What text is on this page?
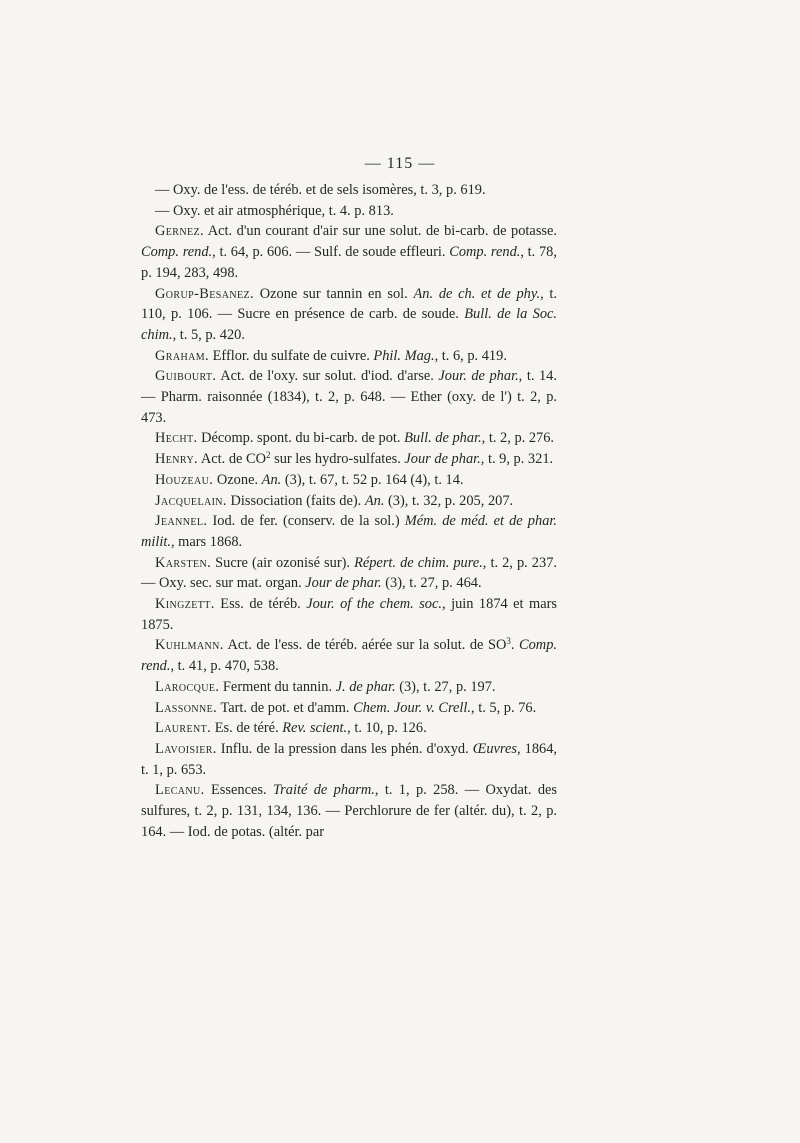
— 115 —
— Oxy. de l'ess. de téréb. et de sels isomères, t. 3, p. 619.
— Oxy. et air atmosphérique, t. 4. p. 813.
Gernez. Act. d'un courant d'air sur une solut. de bi-carb. de potasse. Comp. rend., t. 64, p. 606. — Sulf. de soude effleuri. Comp. rend., t. 78, p. 194, 283, 498.
Gorup-Besanez. Ozone sur tannin en sol. An. de ch. et de phy., t. 110, p. 106. — Sucre en présence de carb. de soude. Bull. de la Soc. chim., t. 5, p. 420.
Graham. Efflor. du sulfate de cuivre. Phil. Mag., t. 6, p. 419.
Guibourt. Act. de l'oxy. sur solut. d'iod. d'arse. Jour. de phar., t. 14. — Pharm. raisonnée (1834), t. 2, p. 648. — Ether (oxy. de l') t. 2, p. 473.
Hecht. Décomp. spont. du bi-carb. de pot. Bull. de phar., t. 2, p. 276.
Henry. Act. de $CO^2$ sur les hydro-sulfates. Jour de phar., t. 9, p. 321.
Houzeau. Ozone. An. (3), t. 67, t. 52 p. 164 (4), t. 14.
Jacquelain. Dissociation (faits de). An. (3), t. 32, p. 205, 207.
Jeannel. Iod. de fer. (conserv. de la sol.) Mém. de méd. et de phar. milit., mars 1868.
Karsten. Sucre (air ozonisé sur). Répert. de chim. pure., t. 2, p. 237. — Oxy. sec. sur mat. organ. Jour de phar. (3), t. 27, p. 464.
Kingzett. Ess. de téréb. Jour. of the chem. soc., juin 1874 et mars 1875.
Kuhlmann. Act. de l'ess. de téréb. aérée sur la solut. de $SO^3$. Comp. rend., t. 41, p. 470, 538.
Larocque. Ferment du tannin. J. de phar. (3), t. 27, p. 197.
Lassonne. Tart. de pot. et d'amm. Chem. Jour. v. Crell., t. 5, p. 76.
Laurent. Es. de téré. Rev. scient., t. 10, p. 126.
Lavoisier. Influ. de la pression dans les phén. d'oxyd. Œuvres, 1864, t. 1, p. 653.
Lecanu. Essences. Traité de pharm., t. 1, p. 258. — Oxydat. des sulfures, t. 2, p. 131, 134, 136. — Perchlorure de fer (altér. du), t. 2, p. 164. — Iod. de potas. (altér. par
